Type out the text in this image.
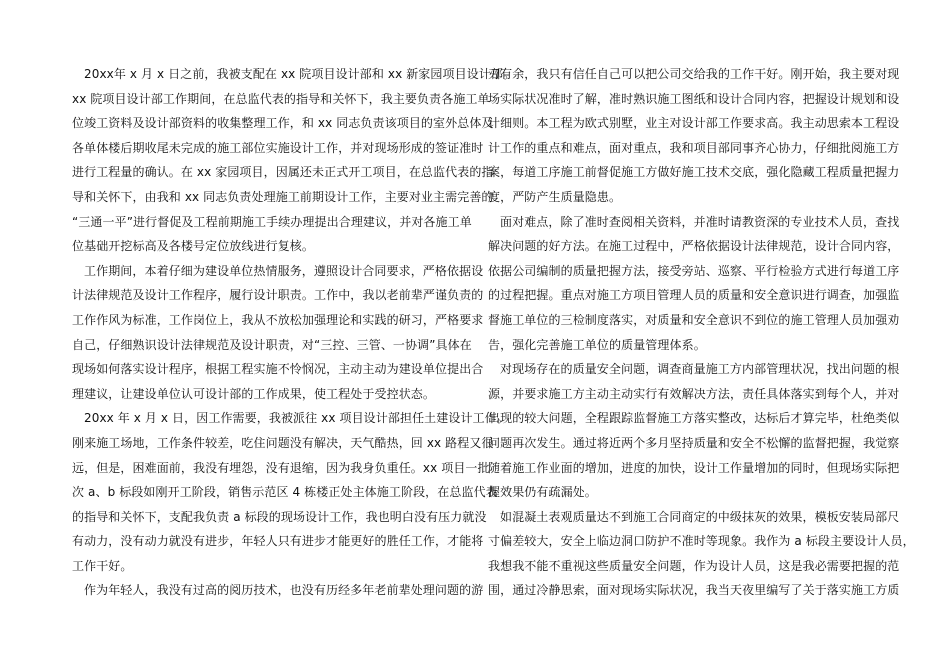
20xx年 x 月 x 日之前，我被支配在 xx 院项目设计部和 xx 新家园项目设计部。
xx 院项目设计部工作期间，在总监代表的指导和关怀下，我主要负责各施工单
位竣工资料及设计部资料的收集整理工作，和 xx 同志负责该项目的室外总体及
各单体楼后期收尾未完成的施工部位实施设计工作，并对现场形成的签证准时
进行工程量的确认。在 xx 家园项目，因属还未正式开工项目，在总监代表的指
导和关怀下，由我和 xx 同志负责处理施工前期设计工作，主要对业主需完善的
“三通一平”进行督促及工程前期施工手续办理提出合理建议，并对各施工单
位基础开挖标高及各楼号定位放线进行复核。
工作期间，本着仔细为建设单位热情服务，遵照设计合同要求，严格依据设
计法律规范及设计工作程序，履行设计职责。工作中，我以老前辈严谨负责的
工作作风为标准，工作岗位上，我从不放松加强理论和实践的研习，严格要求
自己，仔细熟识设计法律规范及设计职责，对“三控、三管、一协调”具体在
现场如何落实设计程序，根据工程实施不怜悯况，主动主动为建设单位提出合
理建议，让建设单位认可设计部的工作成果，使工程处于受控状态。
20xx 年 x 月 x 日，因工作需要，我被派往 xx 项目设计部担任土建设计工作。
刚来施工场地，工作条件较差，吃住问题没有解决，天气酷热，回 xx 路程又很
远，但是，困难面前，我没有埋怨，没有退缩，因为我身负重任。xx 项目一批
次 a、b 标段如刚开工阶段，销售示范区 4 栋楼正处主体施工阶段，在总监代表
的指导和关怀下，支配我负责 a 标段的现场设计工作，我也明白没有压力就没
有动力，没有动力就没有进步，年轻人只有进步才能更好的胜任工作，才能将
工作干好。
作为年轻人，我没有过高的阅历技术，也没有历经多年老前辈处理问题的游
刃有余，我只有信任自己可以把公司交给我的工作干好。刚开始，我主要对现
场实际状况准时了解，准时熟识施工图纸和设计合同内容，把握设计规划和设
计细则。本工程为欧式别墅，业主对设计部工作要求高。我主动思索本工程设
计工作的重点和难点，面对重点，我和项目部同事齐心协力，仔细批阅施工方
案，每道工序施工前督促施工方做好施工技术交底，强化隐藏工程质量把握力
度，严防产生质量隐患。
面对难点，除了准时查阅相关资料，并准时请教资深的专业技术人员，查找
解决问题的好方法。在施工过程中，严格依据设计法律规范，设计合同内容，
依据公司编制的质量把握方法，接受旁站、巡察、平行检验方式进行每道工序
的过程把握。重点对施工方项目管理人员的质量和安全意识进行调查，加强监
督施工单位的三检制度落实，对质量和安全意识不到位的施工管理人员加强劝
告，强化完善施工单位的质量管理体系。
对现场存在的质量安全问题，调查商量施工方内部管理状况，找出问题的根
源，并要求施工方主动主动实行有效解决方法，责任具体落实到每个人，并对
出现的较大问题，全程跟踪监督施工方落实整改，达标后才算完毕，杜绝类似
问题再次发生。通过将近两个多月坚持质量和安全不松懈的监督把握，我觉察
随着施工作业面的增加，进度的加快，设计工作量增加的同时，但现场实际把
握效果仍有疏漏处。
如混凝土表观质量达不到施工合同商定的中级抹灰的效果，模板安装局部尺
寸偏差较大，安全上临边洞口防护不准时等现象。我作为 a 标段主要设计人员，
我想我不能不重视这些质量安全问题，作为设计人员，这是我必需要把握的范
围，通过冷静思索，面对现场实际状况，我当天夜里编写了关于落实施工方质
